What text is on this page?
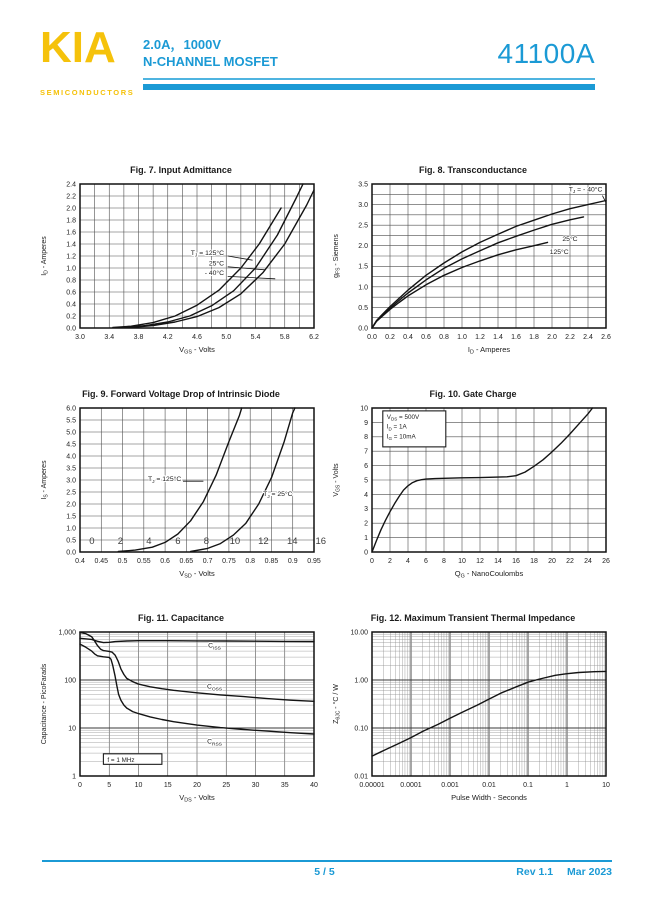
KIA
SEMICONDUCTORS
2.0A，1000V
N-CHANNEL MOSFET	41100A
Fig. 7. Input Admittance
3.0	3.4	3.8	4.2	4.6	5.0	5.4	5.8	6.2
0.0
0.2
0.4
0.6
0.8
1.0
1.2
1.4
1.6
1.8
2.0
2.2
2.4
$V_{GS}$ - Volts
$I_D$ - Amperes	$T_J = 125^\circ C$
25°C
- 40°C
Fig. 8. Transconductance
0.0 0.2 0.4 0.6 0.8 1.0 1.2 1.4 1.6 1.8 2.0 2.2 2.4 2.6
0.0
0.5
1.0
1.5
2.0
2.5
3.0
3.5
$I_D$ - Amperes
$g_{FS}$ - Siemens
$T_J$ = - 40°C
25°C
125°C
Fig. 9. Forward Voltage Drop of Intrinsic Diode
0.4 0.45 0.5 0.55 0.6 0.65 0.7 0.75 0.8 0.85 0.9 0.95
0.0
0.5
1.0
1.5
2.0
2.5
3.0
3.5
4.0
4.5
5.0
5.5
6.0
$V_{SD}$ - Volts
$I_S$ - Amperes	$T_J = 125^\circ C$
$T_J = 25^\circ C$
0 2 4 6 8 10 12 14 16
Fig. 10. Gate Charge
0 2 4 6 8 10 12 14 16 18 20 22 24 26
0
1
2
3
4
5
6
7
8
9
10
$Q_G$ - NanoCoulombs
$V_{GS}$ - Volts
$V_{DS} = 500V$
$I_D = 1A$
$I_G = 10mA$
Fig. 11. Capacitance
0	5	10	15	20	25	30	35	40
1
10
100
1,000
$V_{DS}$ - Volts
Capacitance - PicoFarads
f = 1 MHz
$C_{ISS}$
$C_{OSS}$
$C_{RSS}$
Fig. 12. Maximum Transient Thermal Impedance
0.00001 0.0001	0.001	0.01	0.1	1	10
0.01
0.10
1.00
10.00
Pulse Width - Seconds
$Z_{\theta JC} - ^\circ C$ / W
5 / 5	Rev 1.1 Mar 2023
